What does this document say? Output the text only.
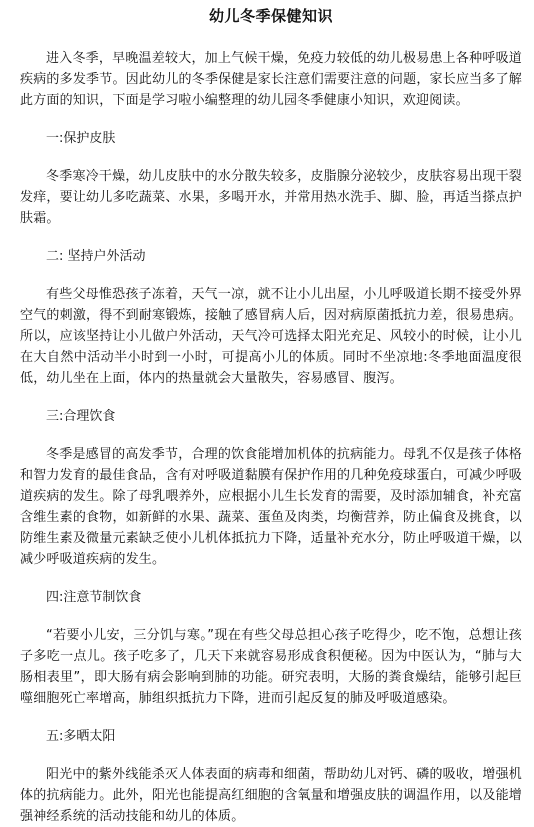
幼儿冬季保健知识

进入冬季，早晚温差较大，加上气候干燥，免疫力较低的幼儿极易患上各种呼吸道疾病的多发季节。因此幼儿的冬季保健是家长注意们需要注意的问题，家长应当多了解此方面的知识，下面是学习啦小编整理的幼儿园冬季健康小知识，欢迎阅读。

一:保护皮肤

冬季寒冷干燥，幼儿皮肤中的水分散失较多，皮脂腺分泌较少，皮肤容易出现干裂发痒，要让幼儿多吃蔬菜、水果，多喝开水，并常用热水洗手、脚、脸，再适当搽点护肤霜。

二: 坚持户外活动

有些父母惟恐孩子冻着，天气一凉，就不让小儿出屋，小儿呼吸道长期不接受外界空气的刺激，得不到耐寒锻炼，接触了感冒病人后，因对病原菌抵抗力差，很易患病。所以，应该坚持让小儿做户外活动，天气冷可选择太阳光充足、风较小的时候，让小儿在大自然中活动半小时到一小时，可提高小儿的体质。同时不坐凉地:冬季地面温度很低，幼儿坐在上面，体内的热量就会大量散失，容易感冒、腹泻。

三:合理饮食

冬季是感冒的高发季节，合理的饮食能增加机体的抗病能力。母乳不仅是孩子体格和智力发育的最佳食品，含有对呼吸道黏膜有保护作用的几种免疫球蛋白，可减少呼吸道疾病的发生。除了母乳喂养外，应根据小儿生长发育的需要，及时添加辅食，补充富含维生素的食物，如新鲜的水果、蔬菜、蛋鱼及肉类，均衡营养，防止偏食及挑食，以防维生素及微量元素缺乏使小儿机体抵抗力下降，适量补充水分，防止呼吸道干燥，以减少呼吸道疾病的发生。

四:注意节制饮食

“若要小儿安，三分饥与寒。”现在有些父母总担心孩子吃得少，吃不饱，总想让孩子多吃一点儿。孩子吃多了，几天下来就容易形成食积便秘。因为中医认为，“肺与大肠相表里”，即大肠有病会影响到肺的功能。研究表明，大肠的粪食燥结，能够引起巨噬细胞死亡率增高，肺组织抵抗力下降，进而引起反复的肺及呼吸道感染。

五:多晒太阳

阳光中的紫外线能杀灭人体表面的病毒和细菌，帮助幼儿对钙、磷的吸收，增强机体的抗病能力。此外，阳光也能提高红细胞的含氧量和增强皮肤的调温作用，以及能增强神经系统的活动技能和幼儿的体质。
